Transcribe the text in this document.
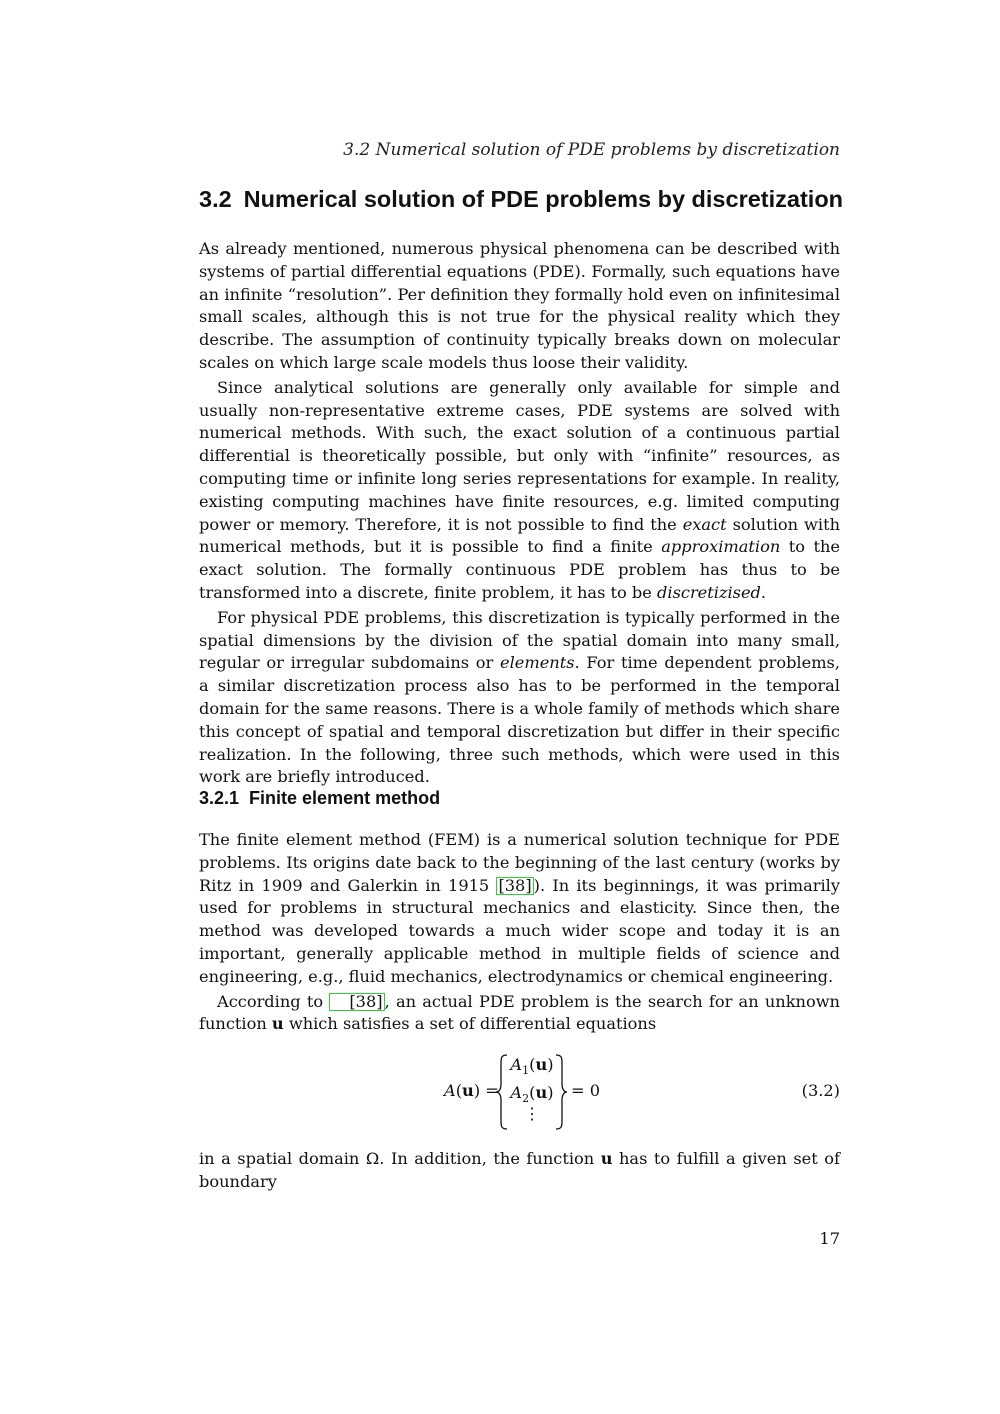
3.2 Numerical solution of PDE problems by discretization
3.2 Numerical solution of PDE problems by discretization

As already mentioned, numerous physical phenomena can be described with systems of partial differential equations (PDE). Formally, such equations have an infinite “resolution”. Per definition they formally hold even on infinitesimal small scales, although this is not true for the physical reality which they describe. The assumption of continuity typically breaks down on molecular scales on which large scale models thus loose their validity.

Since analytical solutions are generally only available for simple and usually non-representative extreme cases, PDE systems are solved with numerical methods. With such, the exact solution of a continuous partial differential is theoretically possible, but only with “infinite” resources, as computing time or infinite long series representations for example. In reality, existing computing machines have finite resources, e.g. limited computing power or memory. Therefore, it is not possible to find the exact solution with numerical methods, but it is possible to find a finite approximation to the exact solution. The formally continuous PDE problem has thus to be transformed into a discrete, finite problem, it has to be discretizised.

For physical PDE problems, this discretization is typically performed in the spatial dimensions by the division of the spatial domain into many small, regular or irregular subdomains or elements. For time dependent problems, a similar discretization process also has to be performed in the temporal domain for the same reasons. There is a whole family of methods which share this concept of spatial and temporal discretization but differ in their specific realization. In the following, three such methods, which were used in this work are briefly introduced.

3.2.1 Finite element method

The finite element method (FEM) is a numerical solution technique for PDE problems. Its origins date back to the beginning of the last century (works by Ritz in 1909 and Galerkin in 1915 [38] ). In its beginnings, it was primarily used for problems in structural mechanics and elasticity. Since then, the method was developed towards a much wider scope and today it is an important, generally applicable method in multiple fields of science and engineering, e.g., fluid mechanics, electrodynamics or chemical engineering.

According to [38] , an actual PDE problem is the search for an unknown function u which satisfies a set of differential equations

A(u) =
$A_1(u)$
$A_2(u)$
⋮
= 0	(3.2)

in a spatial domain Ω. In addition, the function u has to fulfill a given set of boundary

17
